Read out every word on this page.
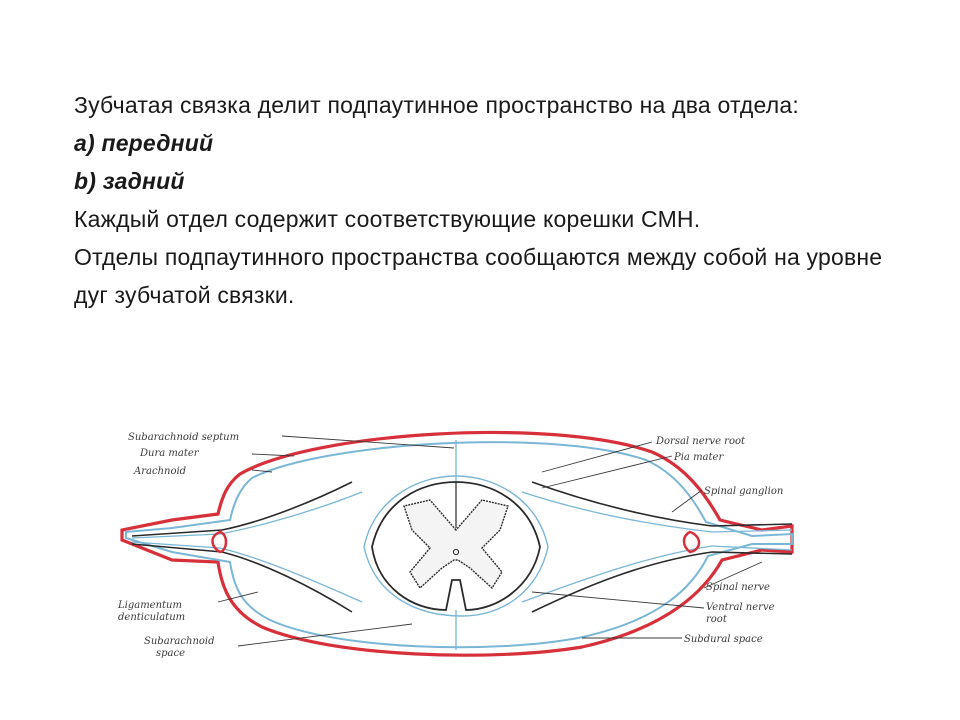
Зубчатая связка делит подпаутинное пространство на два отдела:

а) передний

b) задний

Каждый отдел содержит соответствующие корешки СМН.

Отделы подпаутинного пространства сообщаются между собой на уровне дуг зубчатой связки.

Subarachnoid septum
Dura mater
Arachnoid
Ligamentum
denticulatum
Subarachnoid
space
Dorsal nerve root
Pia mater
Spinal ganglion
Spinal nerve
Ventral nerve
root
Subdural space
